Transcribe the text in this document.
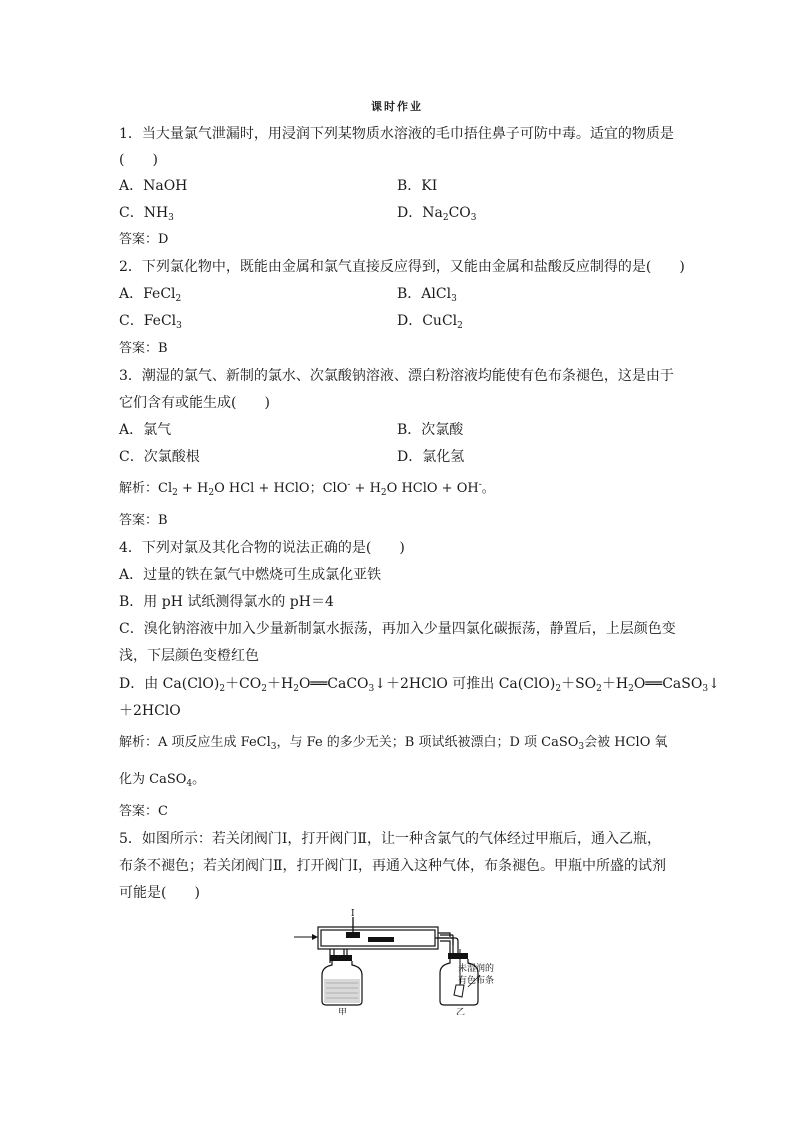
课时作业
1．当大量氯气泄漏时，用浸润下列某物质水溶液的毛巾捂住鼻子可防中毒。适宜的物质是
(　　)
A．NaOH	B．KI
C．$NH_3$	D．$Na_2CO_3$
答案：D
2．下列氯化物中，既能由金属和氯气直接反应得到，又能由金属和盐酸反应制得的是(　　)
A．FeCl$_2$	B．AlCl$_3$
C．FeCl$_3$	D．CuCl$_2$
答案：B
3．潮湿的氯气、新制的氯水、次氯酸钠溶液、漂白粉溶液均能使有色布条褪色，这是由于
它们含有或能生成(　　)
A．氯气	B．次氯酸
C．次氯酸根	D．氯化氢
解析：$Cl_2 + H_2O$ HCl + HClO；$ClO^- + H_2O$ HClO + OH-。
答案：B
4．下列对氯及其化合物的说法正确的是(　　)
A．过量的铁在氯气中燃烧可生成氯化亚铁
B．用 pH 试纸测得氯水的 pH＝4
C．溴化钠溶液中加入少量新制氯水振荡，再加入少量四氯化碳振荡，静置后，上层颜色变
浅，下层颜色变橙红色
D．由 $Ca(ClO)_2+CO_2+H_2O══CaCO_3↓+2HClO$ 可推出 $Ca(ClO)_2+SO_2+H_2O══CaSO_3↓$
＋2HClO
解析：A 项反应生成 FeCl$_3$，与 Fe 的多少无关；B 项试纸被漂白；D 项 CaSO$_3$会被 HClO 氧
化为 CaSO$_4$。
答案：C
5．如图所示：若关闭阀门Ⅰ，打开阀门Ⅱ，让一种含氯气的气体经过甲瓶后，通入乙瓶，
布条不褪色；若关闭阀门Ⅱ，打开阀门Ⅰ，再通入这种气体，布条褪色。甲瓶中所盛的试剂
可能是(　　)
Ⅰ
甲	乙
未湿润的
有色布条
